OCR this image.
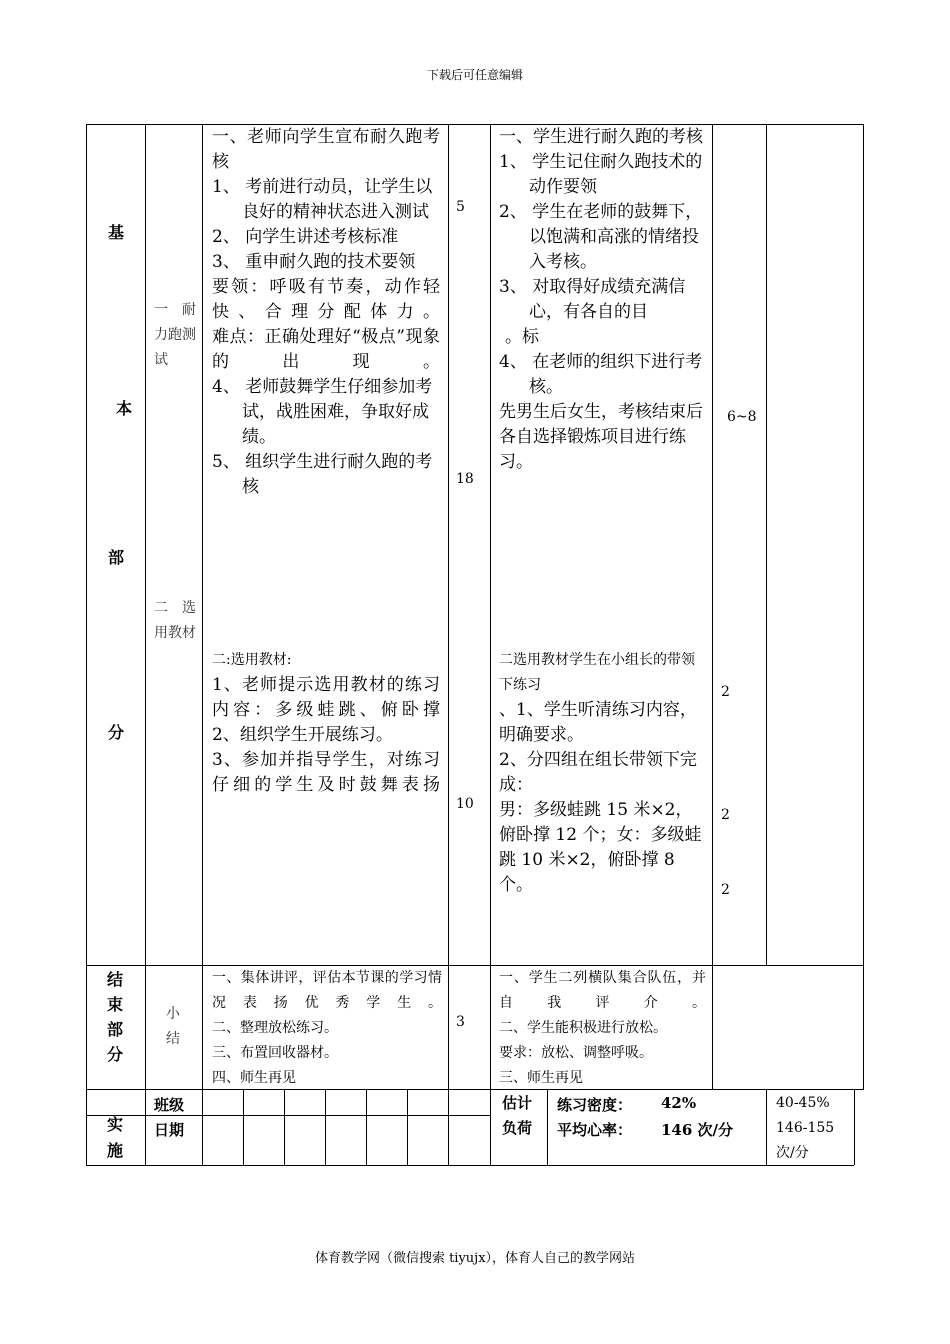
下载后可任意编辑
基
本
部
分
一 耐力跑测试
二 选用教材

一、老师向学生宣布耐久跑考核

1、 考前进行动员，让学生以良好的精神状态进入测试

2、 向学生讲述考核标准

3、 重申耐久跑的技术要领

要领：呼吸有节奏，动作轻快、合理分配体力。

难点：正确处理好“极点”现象的出现。

4、 老师鼓舞学生仔细参加考试，战胜困难，争取好成绩。

5、 组织学生进行耐久跑的考核

二:选用教材:

1、老师提示选用教材的练习内容：多级蛙跳、俯卧撑

2、组织学生开展练习。

3、参加并指导学生，对练习仔细的学生及时鼓舞表扬

5
18
10

一、学生进行耐久跑的考核

1、 学生记住耐久跑技术的动作要领

2、 学生在老师的鼓舞下，以饱满和高涨的情绪投入考核。

3、 对取得好成绩充满信心，有各自的目

。标

4、 在老师的组织下进行考核。

先男生后女生，考核结束后各自选择锻炼项目进行练习。

二选用教材学生在小组长的带领下练习

、1、学生听清练习内容，明确要求。

2、分四组在组长带领下完成：

男：多级蛙跳 15 米×2，俯卧撑 12 个；女：多级蛙跳 10 米×2，俯卧撑 8 个。

6~8
2
2
2

结

束

部

分

小

结

一、集体讲评，评估本节课的学习情况表扬优秀学生。

二、整理放松练习。

三、布置回收器材。

四、师生再见

3

一、学生二列横队集合队伍，并自我评介。

二、学生能积极进行放松。

要求：放松、调整呼吸。

三、师生再见

实

施

班级
日期

估计

负荷

练习密度： 42%
平均心率： 146 次/分

40-45%

146-155

次/分

体育教学网（微信搜索 tiyujx），体育人自己的教学网站
